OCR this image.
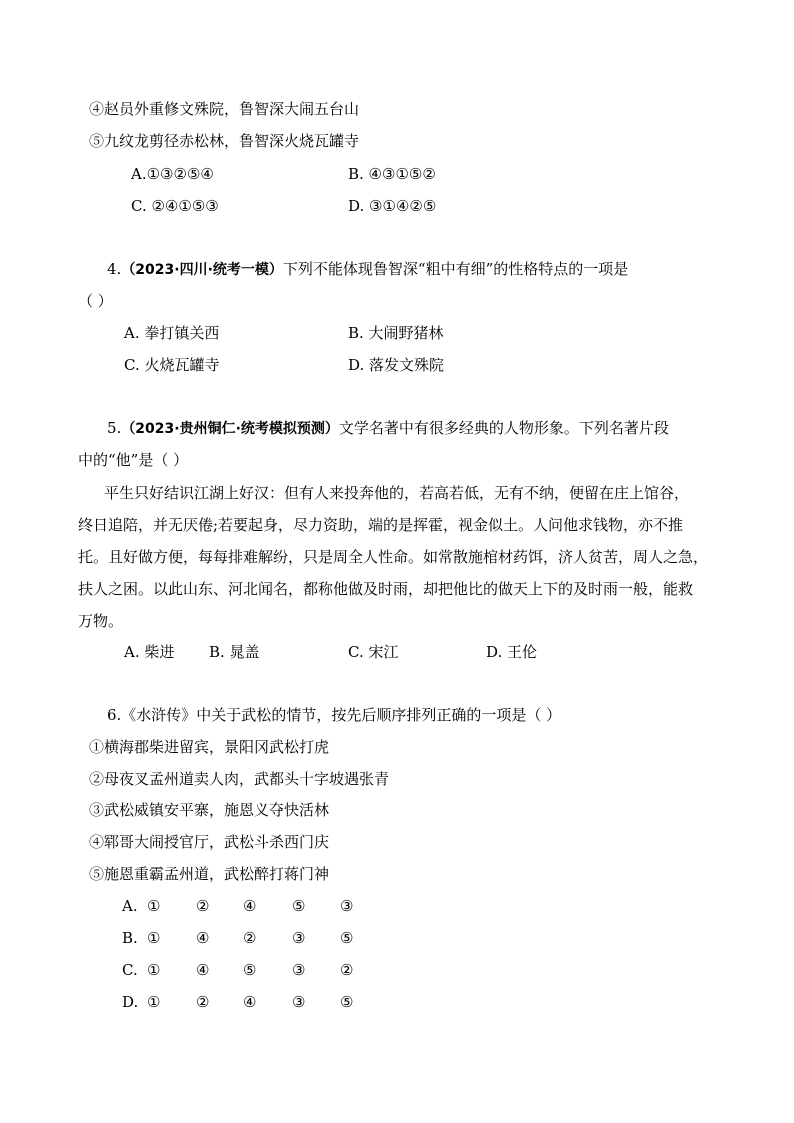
④赵员外重修文殊院，鲁智深大闹五台山
⑤九纹龙剪径赤松林，鲁智深火烧瓦罐寺
A.①③②⑤④	B. ④③①⑤②
C. ②④①⑤③	D. ③①④②⑤
4.（2023·四川·统考一模）下列不能体现鲁智深“粗中有细”的性格特点的一项是
（ ）
A. 拳打镇关西	B. 大闹野猪林
C. 火烧瓦罐寺	D. 落发文殊院
5.（2023·贵州铜仁·统考模拟预测）文学名著中有很多经典的人物形象。下列名著片段
中的“他”是（ ）
平生只好结识江湖上好汉：但有人来投奔他的，若高若低，无有不纳，便留在庄上馆谷，
终日追陪，并无厌倦;若要起身，尽力资助，端的是挥霍，视金似土。人问他求钱物，亦不推
托。且好做方便，每每排难解纷，只是周全人性命。如常散施棺材药饵，济人贫苦，周人之急，
扶人之困。以此山东、河北闻名，都称他做及时雨，却把他比的做天上下的及时雨一般，能救
万物。
A. 柴进 B. 晁盖	C. 宋江	D. 王伦
6.《水浒传》中关于武松的情节，按先后顺序排列正确的一项是（ ）
①横海郡柴进留宾，景阳冈武松打虎
②母夜叉孟州道卖人肉，武都头十字坡遇张青
③武松威镇安平寨，施恩义夺快活林
④郓哥大闹授官厅，武松斗杀西门庆
⑤施恩重霸孟州道，武松醉打蒋门神
A. ① ② ④ ⑤ ③
B. ① ④ ② ③ ⑤
C. ① ④ ⑤ ③ ②
D. ① ② ④ ③ ⑤
